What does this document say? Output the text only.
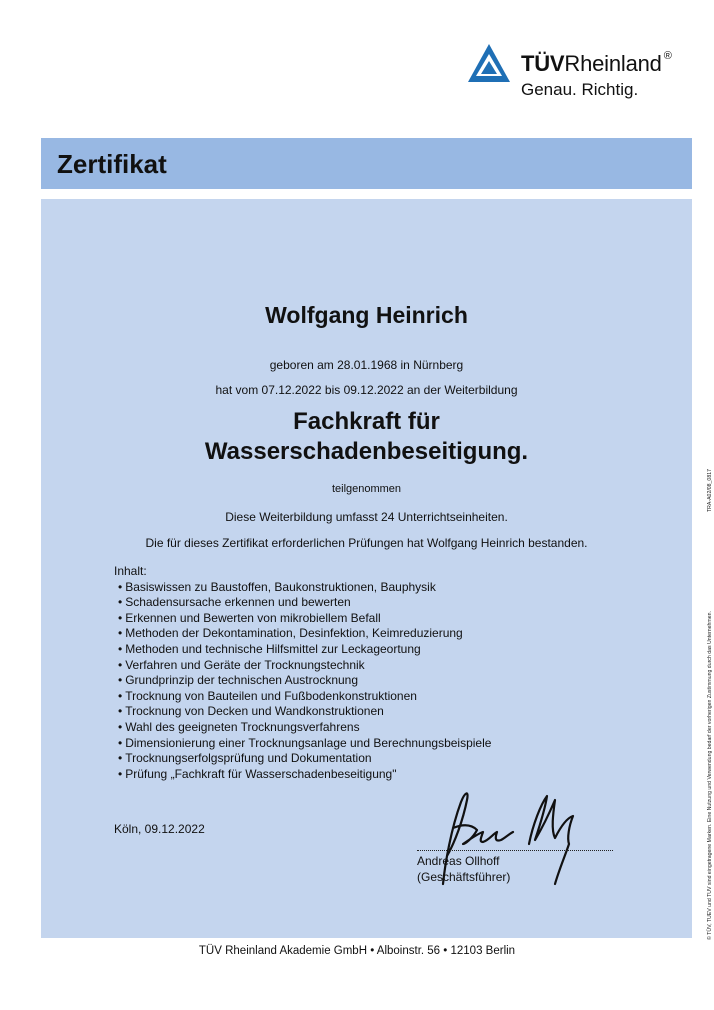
TÜVRheinland ®
Genau. Richtig.
Zertifikat
Wolfgang Heinrich
geboren am 28.01.1968 in Nürnberg
hat vom 07.12.2022 bis 09.12.2022 an der Weiterbildung
Fachkraft für
Wasserschadenbeseitigung.
teilgenommen
Diese Weiterbildung umfasst 24 Unterrichtseinheiten.
Die für dieses Zertifikat erforderlichen Prüfungen hat Wolfgang Heinrich bestanden.
Inhalt:
• Basiswissen zu Baustoffen, Baukonstruktionen, Bauphysik
• Schadensursache erkennen und bewerten
• Erkennen und Bewerten von mikrobiellem Befall
• Methoden der Dekontamination, Desinfektion, Keimreduzierung
• Methoden und technische Hilfsmittel zur Leckageortung
• Verfahren und Geräte der Trocknungstechnik
• Grundprinzip der technischen Austrocknung
• Trocknung von Bauteilen und Fußbodenkonstruktionen
• Trocknung von Decken und Wandkonstruktionen
• Wahl des geeigneten Trocknungsverfahrens
• Dimensionierung einer Trocknungsanlage und Berechnungsbeispiele
• Trocknungserfolgsprüfung und Dokumentation
• Prüfung „Fachkraft für Wasserschadenbeseitigung"
Köln, 09.12.2022
Andreas Ollhoff
(Geschäftsführer)
TÜV Rheinland Akademie GmbH • Alboinstr. 56 • 12103 Berlin
© TÜV, TUEV und TUV sind eingetragene Marken. Eine Nutzung und Verwendung bedarf der vorherigen Zustimmung durch das Unternehmen.
TRA-A02/08_0817
